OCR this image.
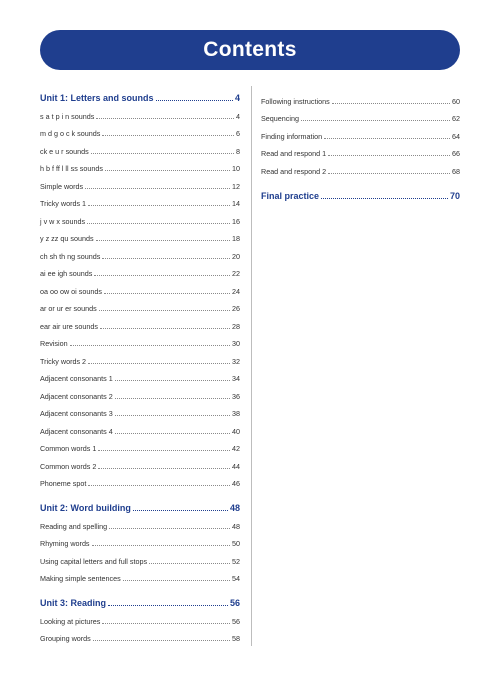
Contents
Unit 1: Letters and sounds	4
s a t p i n sounds	4
m d g o c k sounds	6
ck e u r sounds	8
h b f ff l ll ss sounds	10
Simple words	12
Tricky words 1	14
j v w x sounds	16
y z zz qu sounds	18
ch sh th ng sounds	20
ai ee igh sounds	22
oa oo ow oi sounds	24
ar or ur er sounds	26
ear air ure sounds	28
Revision	30
Tricky words 2	32
Adjacent consonants 1	34
Adjacent consonants 2	36
Adjacent consonants 3	38
Adjacent consonants 4	40
Common words 1	42
Common words 2	44
Phoneme spot	46
Unit 2: Word building	48
Reading and spelling	48
Rhyming words	50
Using capital letters and full stops	52
Making simple sentences	54
Unit 3: Reading	56
Looking at pictures	56
Grouping words	58
Following instructions	60
Sequencing	62
Finding information	64
Read and respond 1	66
Read and respond 2	68
Final practice	70
